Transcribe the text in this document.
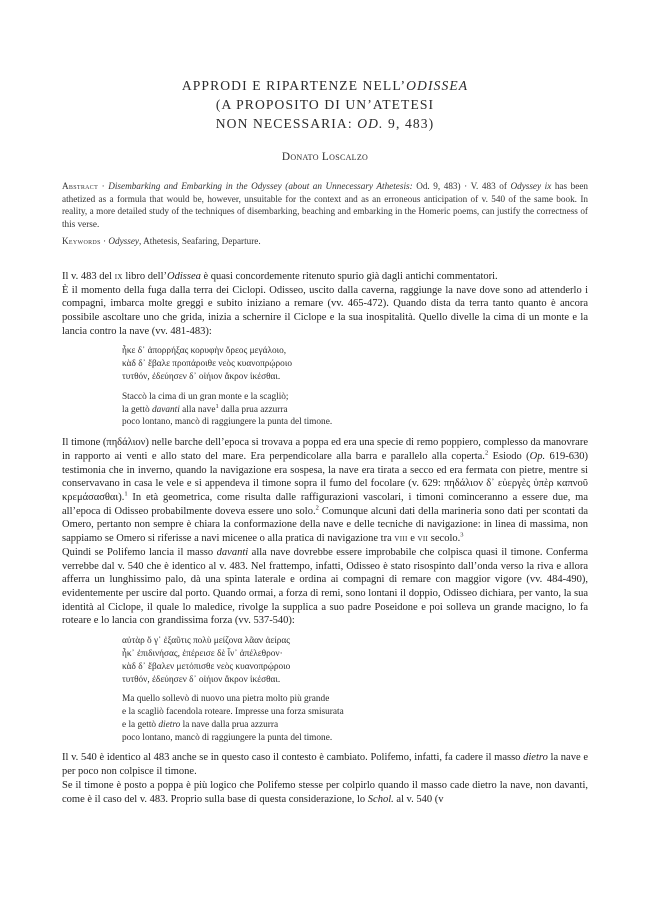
APPRODI E RIPARTENZE NELL’ODISSEA
(A PROPOSITO DI UN’ATETESI
NON NECESSARIA: OD. 9, 483)
Donato Loscalzo
Abstract · Disembarking and Embarking in the Odyssey (about an Unnecessary Athetesis: Od. 9, 483) · V. 483 of Odyssey ix has been athetized as a formula that would be, however, unsuitable for the context and as an erroneous anticipation of v. 540 of the same book. In reality, a more detailed study of the techniques of disembarking, beaching and embarking in the Homeric poems, can justify the correctness of this verse.
Keywords · Odyssey, Athetesis, Seafaring, Departure.

Il v. 483 del ix libro dell’Odissea è quasi concordemente ritenuto spurio già dagli antichi commentatori.

È il momento della fuga dalla terra dei Ciclopi. Odisseo, uscito dalla caverna, raggiunge la nave dove sono ad attenderlo i compagni, imbarca molte greggi e subito iniziano a remare (vv. 465-472). Quando dista da terra tanto quanto è ancora possibile ascoltare uno che grida, inizia a schernire il Ciclope e la sua inospitalità. Quello divelle la cima di un monte e la lancia contro la nave (vv. 481-483):

ἧκε δ᾽ ἀπορρήξας κορυφὴν ὄρεος μεγάλοιο,
κὰδ δ᾽ ἔβαλε προπάροιθε νεὸς κυανοπρῴροιο
τυτθόν, ἐδεύησεν δ᾽ οἰήιον ἄκρον ἱκέσθαι.
Staccò la cima di un gran monte e la scagliò;
la gettò davanti alla nave$^1$ dalla prua azzurra
poco lontano, mancò di raggiungere la punta del timone.

Il timone (πηδάλιον) nelle barche dell’epoca si trovava a poppa ed era una specie di remo poppiero, complesso da manovrare in rapporto ai venti e allo stato del mare. Era perpendicolare alla barra e parallelo alla coperta.$^2$ Esiodo (Op. 619-630) testimonia che in inverno, quando la navigazione era sospesa, la nave era tirata a secco ed era fermata con pietre, mentre si conservavano in casa le vele e si appendeva il timone sopra il fumo del focolare (v. 629: πηδάλιον δ᾽ εὐεργὲς ὑπὲρ καπνοῦ κρεμάσασθαι).$^1$ In età geometrica, come risulta dalle raffigurazioni vascolari, i timoni cominceranno a essere due, ma all’epoca di Odisseo probabilmente doveva essere uno solo.$^2$ Comunque alcuni dati della marineria sono dati per scontati da Omero, pertanto non sempre è chiara la conformazione della nave e delle tecniche di navigazione: in linea di massima, non sappiamo se Omero si riferisse a navi micenee o alla pratica di navigazione tra viii e vii secolo.$^3$

Quindi se Polifemo lancia il masso davanti alla nave dovrebbe essere improbabile che colpisca quasi il timone. Conferma verrebbe dal v. 540 che è identico al v. 483. Nel frattempo, infatti, Odisseo è stato risospinto dall’onda verso la riva e allora afferra un lunghissimo palo, dà una spinta laterale e ordina ai compagni di remare con maggior vigore (vv. 484-490), evidentemente per uscire dal porto. Quando ormai, a forza di remi, sono lontani il doppio, Odisseo dichiara, per vanto, la sua identità al Ciclope, il quale lo maledice, rivolge la supplica a suo padre Poseidone e poi solleva un grande macigno, lo fa roteare e lo lancia con grandissima forza (vv. 537-540):

αὐτὰρ ὅ γ᾽ ἐξαῦτις πολὺ μείζονα λᾶαν ἀείρας
ἧκ᾽ ἐπιδινήσας, ἐπέρεισε δὲ ἶν᾽ ἀπέλεθρον·
κὰδ δ᾽ ἔβαλεν μετόπισθε νεὸς κυανοπρῴροιο
τυτθόν, ἐδεύησεν δ᾽ οἰήιον ἄκρον ἱκέσθαι.
Ma quello sollevò di nuovo una pietra molto più grande
e la scagliò facendola roteare. Impresse una forza smisurata
e la gettò dietro la nave dalla prua azzurra
poco lontano, mancò di raggiungere la punta del timone.

Il v. 540 è identico al 483 anche se in questo caso il contesto è cambiato. Polifemo, infatti, fa cadere il masso dietro la nave e per poco non colpisce il timone.

Se il timone è posto a poppa è più logico che Polifemo stesse per colpirlo quando il masso cade dietro la nave, non davanti, come è il caso del v. 483. Proprio sulla base di questa considerazione, lo Schol. al v. 540 (v
